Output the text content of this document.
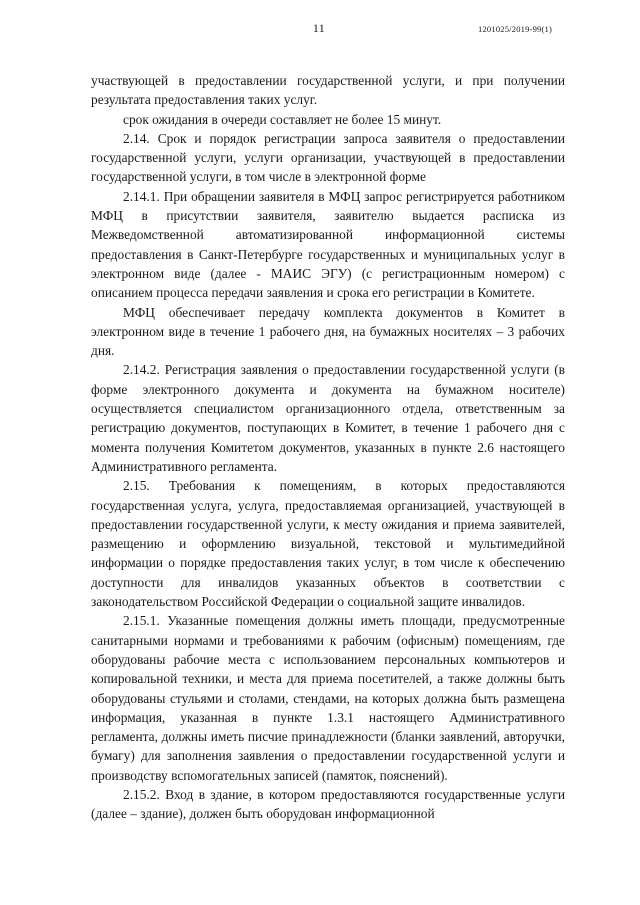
11	1201025/2019-99(1)

участвующей в предоставлении государственной услуги, и при получении результата предоставления таких услуг.

срок ожидания в очереди составляет не более 15 минут.

2.14. Срок и порядок регистрации запроса заявителя о предоставлении государственной услуги, услуги организации, участвующей в предоставлении государственной услуги, в том числе в электронной форме

2.14.1. При обращении заявителя в МФЦ запрос регистрируется работником МФЦ в присутствии заявителя, заявителю выдается расписка из Межведомственной автоматизированной информационной системы предоставления в Санкт-Петербурге государственных и муниципальных услуг в электронном виде (далее - МАИС ЭГУ) (с регистрационным номером) с описанием процесса передачи заявления и срока его регистрации в Комитете.

МФЦ обеспечивает передачу комплекта документов в Комитет в электронном виде в течение 1 рабочего дня, на бумажных носителях – 3 рабочих дня.

2.14.2. Регистрация заявления о предоставлении государственной услуги (в форме электронного документа и документа на бумажном носителе) осуществляется специалистом организационного отдела, ответственным за регистрацию документов, поступающих в Комитет, в течение 1 рабочего дня с момента получения Комитетом документов, указанных в пункте 2.6 настоящего Административного регламента.

2.15. Требования к помещениям, в которых предоставляются государственная услуга, услуга, предоставляемая организацией, участвующей в предоставлении государственной услуги, к месту ожидания и приема заявителей, размещению и оформлению визуальной, текстовой и мультимедийной информации о порядке предоставления таких услуг, в том числе к обеспечению доступности для инвалидов указанных объектов в соответствии с законодательством Российской Федерации о социальной защите инвалидов.

2.15.1. Указанные помещения должны иметь площади, предусмотренные санитарными нормами и требованиями к рабочим (офисным) помещениям, где оборудованы рабочие места с использованием персональных компьютеров и копировальной техники, и места для приема посетителей, а также должны быть оборудованы стульями и столами, стендами, на которых должна быть размещена информация, указанная в пункте 1.3.1 настоящего Административного регламента, должны иметь писчие принадлежности (бланки заявлений, авторучки, бумагу) для заполнения заявления о предоставлении государственной услуги и производству вспомогательных записей (памяток, пояснений).

2.15.2. Вход в здание, в котором предоставляются государственные услуги (далее – здание), должен быть оборудован информационной
